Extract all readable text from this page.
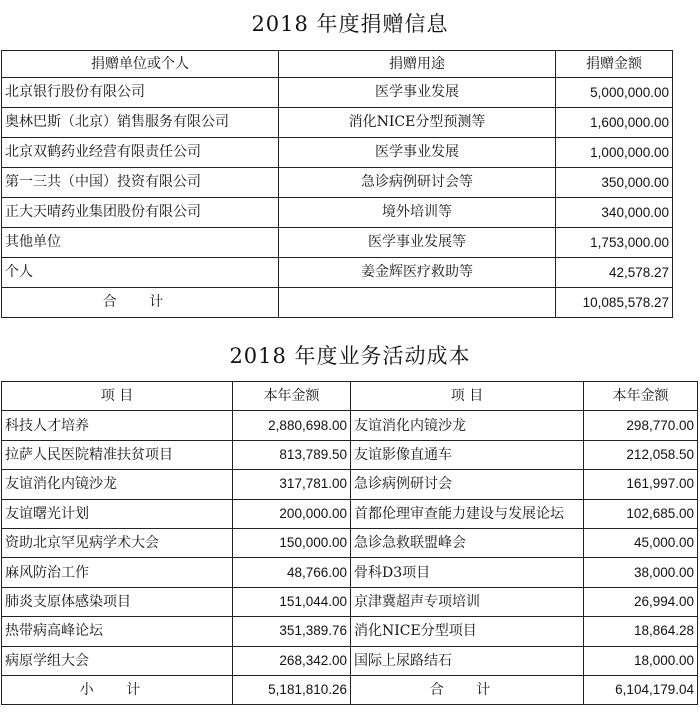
2018 年度捐赠信息
捐赠单位或个人	捐赠用途	捐赠金额
北京银行股份有限公司	医学事业发展	5,000,000.00
奥林巴斯（北京）销售服务有限公司	消化NICE分型预测等	1,600,000.00
北京双鹤药业经营有限责任公司	医学事业发展	1,000,000.00
第一三共（中国）投资有限公司	急诊病例研讨会等	350,000.00
正大天晴药业集团股份有限公司	境外培训等	340,000.00
其他单位	医学事业发展等	1,753,000.00
个人	姜金辉医疗救助等	42,578.27
合 计		10,085,578.27
2018 年度业务活动成本
项 目	本年金额	项 目	本年金额
科技人才培养	2,880,698.00	友谊消化内镜沙龙	298,770.00
拉萨人民医院精准扶贫项目	813,789.50	友谊影像直通车	212,058.50
友谊消化内镜沙龙	317,781.00	急诊病例研讨会	161,997.00
友谊曙光计划	200,000.00	首都伦理审查能力建设与发展论坛	102,685.00
资助北京罕见病学术大会	150,000.00	急诊急救联盟峰会	45,000.00
麻风防治工作	48,766.00	骨科D3项目	38,000.00
肺炎支原体感染项目	151,044.00	京津冀超声专项培训	26,994.00
热带病高峰论坛	351,389.76	消化NICE分型项目	18,864.28
病原学组大会	268,342.00	国际上尿路结石	18,000.00
小 计	5,181,810.26	合 计	6,104,179.04
